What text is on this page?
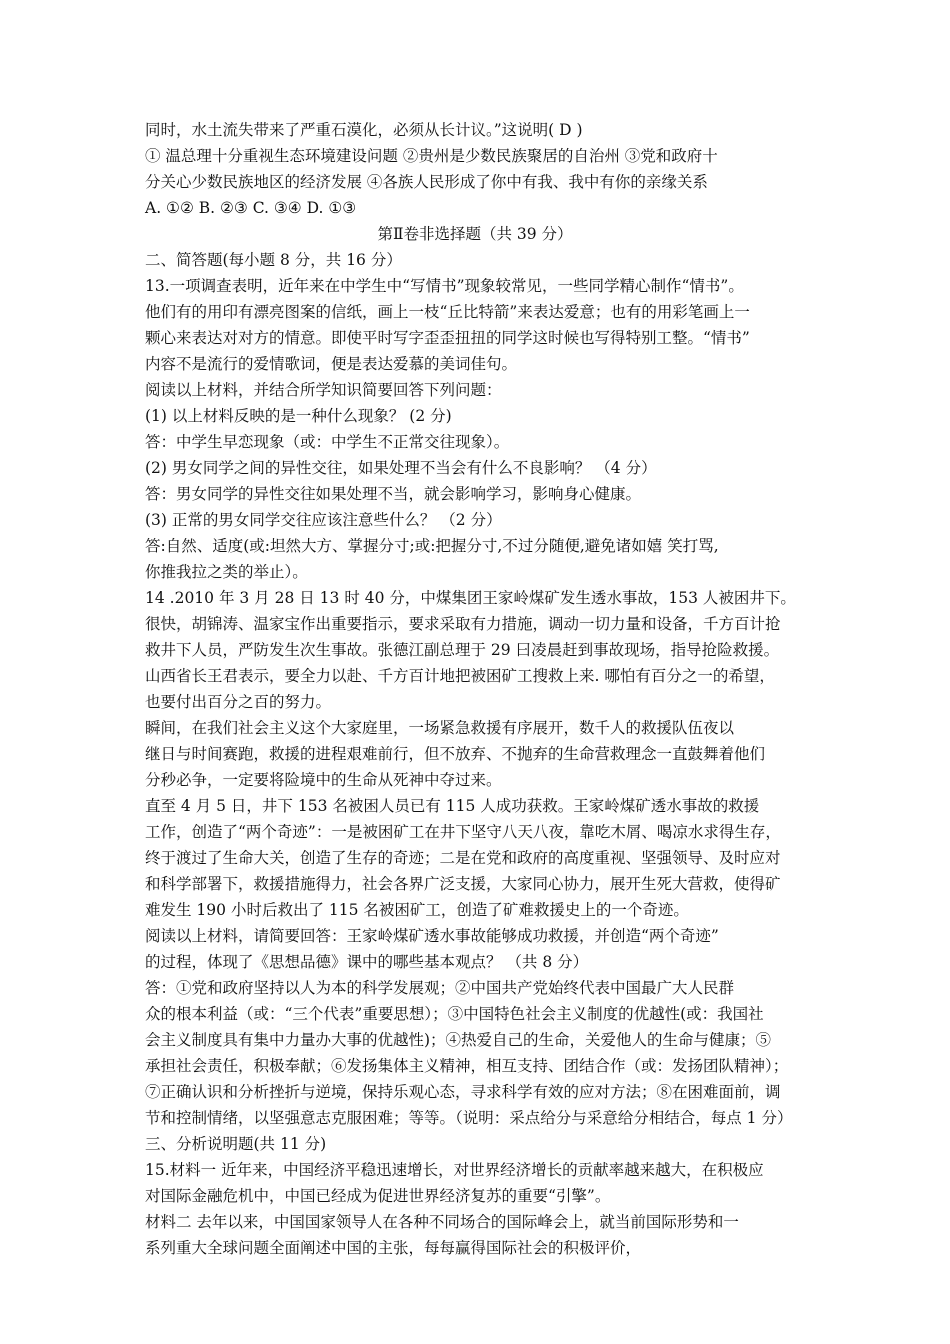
同时，水土流失带来了严重石漠化，必须从长计议。”这说明( D )
① 温总理十分重视生态环境建设问题 ②贵州是少数民族聚居的自治州 ③党和政府十
分关心少数民族地区的经济发展 ④各族人民形成了你中有我、我中有你的亲缘关系
A. ①② B. ②③ C. ③④ D. ①③
第Ⅱ卷非选择题（共 39 分）
二、简答题(每小题 8 分，共 16 分）
13.一项调查表明，近年来在中学生中“写情书”现象较常见，一些同学精心制作“情书”。
他们有的用印有漂亮图案的信纸，画上一枝“丘比特箭”来表达爱意；也有的用彩笔画上一
颗心来表达对对方的情意。即使平时写字歪歪扭扭的同学这时候也写得特别工整。“情书”
内容不是流行的爱情歌词，便是表达爱慕的美词佳句。
阅读以上材料，并结合所学知识简要回答下列问题：
(1) 以上材料反映的是一种什么现象？ (2 分)
答：中学生早恋现象（或：中学生不正常交往现象）。
(2) 男女同学之间的异性交往，如果处理不当会有什么不良影响？ （4 分）
答：男女同学的异性交往如果处理不当，就会影响学习，影响身心健康。
(3) 正常的男女同学交往应该注意些什么？ （2 分）
答:自然、适度(或:坦然大方、掌握分寸;或:把握分寸,不过分随便,避免诸如嬉 笑打骂,
你推我拉之类的举止）。
14 .2010 年 3 月 28 日 13 时 40 分，中煤集团王家岭煤矿发生透水事故，153 人被困井下。
很快，胡锦涛、温家宝作出重要指示，要求采取有力措施，调动一切力量和设备，千方百计抢
救井下人员，严防发生次生事故。张德江副总理于 29 曰凌晨赶到事故现场，指导抢险救援。
山西省长王君表示，要全力以赴、千方百计地把被困矿工搜救上来. 哪怕有百分之一的希望，
也要付出百分之百的努力。
瞬间，在我们社会主义这个大家庭里，一场紧急救援有序展开，数千人的救援队伍夜以
继日与时间赛跑，救援的进程艰难前行，但不放弃、不抛弃的生命营救理念一直鼓舞着他们
分秒必争，一定要将险境中的生命从死神中夺过来。
直至 4 月 5 日，井下 153 名被困人员已有 115 人成功获救。王家岭煤矿透水事故的救援
工作，创造了“两个奇迹”：一是被困矿工在井下坚守八天八夜，靠吃木屑、喝凉水求得生存，
终于渡过了生命大关，创造了生存的奇迹；二是在党和政府的高度重视、坚强领导、及时应对
和科学部署下，救援措施得力，社会各界广泛支援，大家同心协力，展开生死大营救，使得矿
难发生 190 小时后救出了 115 名被困矿工，创造了矿难救援史上的一个奇迹。
阅读以上材料，请简要回答：王家岭煤矿透水事故能够成功救援，并创造“两个奇迹”
的过程，体现了《思想品德》课中的哪些基本观点？ （共 8 分）
答：①党和政府坚持以人为本的科学发展观；②中国共产党始终代表中国最广大人民群
众的根本利益（或：“三个代表”重要思想）；③中国特色社会主义制度的优越性(或：我国社
会主义制度具有集中力量办大事的优越性)；④热爱自己的生命，关爱他人的生命与健康；⑤
承担社会责任，积极奉献；⑥发扬集体主义精神，相互支持、团结合作（或：发扬团队精神）；
⑦正确认识和分析挫折与逆境，保持乐观心态，寻求科学有效的应对方法；⑧在困难面前，调
节和控制情绪，以坚强意志克服困难；等等。（说明：采点给分与采意给分相结合，每点 1 分）
三、分析说明题(共 11 分)
15.材料一 近年来，中国经济平稳迅速增长，对世界经济增长的贡献率越来越大，在积极应
对国际金融危机中，中国已经成为促进世界经济复苏的重要“引擎”。
材料二 去年以来，中国国家领导人在各种不同场合的国际峰会上，就当前国际形势和一
系列重大全球问题全面阐述中国的主张，每每赢得国际社会的积极评价，
